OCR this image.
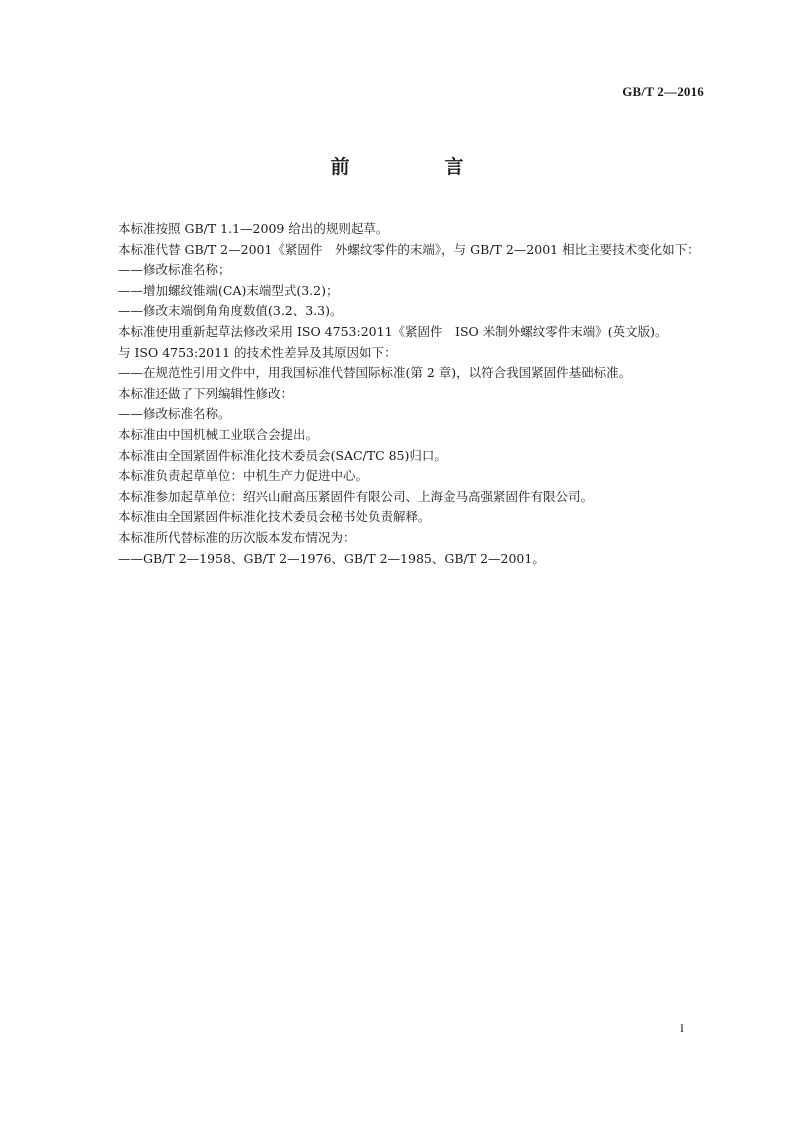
GB/T 2—2016
前　言

本标准按照 GB/T 1.1—2009 给出的规则起草。

本标准代替 GB/T 2—2001《紧固件　外螺纹零件的末端》，与 GB/T 2—2001 相比主要技术变化如下：

——修改标准名称；

——增加螺纹锥端(CA)末端型式(3.2)；

——修改末端倒角角度数值(3.2、3.3)。

本标准使用重新起草法修改采用 ISO 4753:2011《紧固件　ISO 米制外螺纹零件末端》(英文版)。

与 ISO 4753:2011 的技术性差异及其原因如下：

——在规范性引用文件中，用我国标准代替国际标准(第 2 章)，以符合我国紧固件基础标准。

本标准还做了下列编辑性修改：

——修改标准名称。

本标准由中国机械工业联合会提出。

本标准由全国紧固件标准化技术委员会(SAC/TC 85)归口。

本标准负责起草单位：中机生产力促进中心。

本标准参加起草单位：绍兴山耐高压紧固件有限公司、上海金马高强紧固件有限公司。

本标准由全国紧固件标准化技术委员会秘书处负责解释。

本标准所代替标准的历次版本发布情况为：

——GB/T 2—1958、GB/T 2—1976、GB/T 2—1985、GB/T 2—2001。

I
